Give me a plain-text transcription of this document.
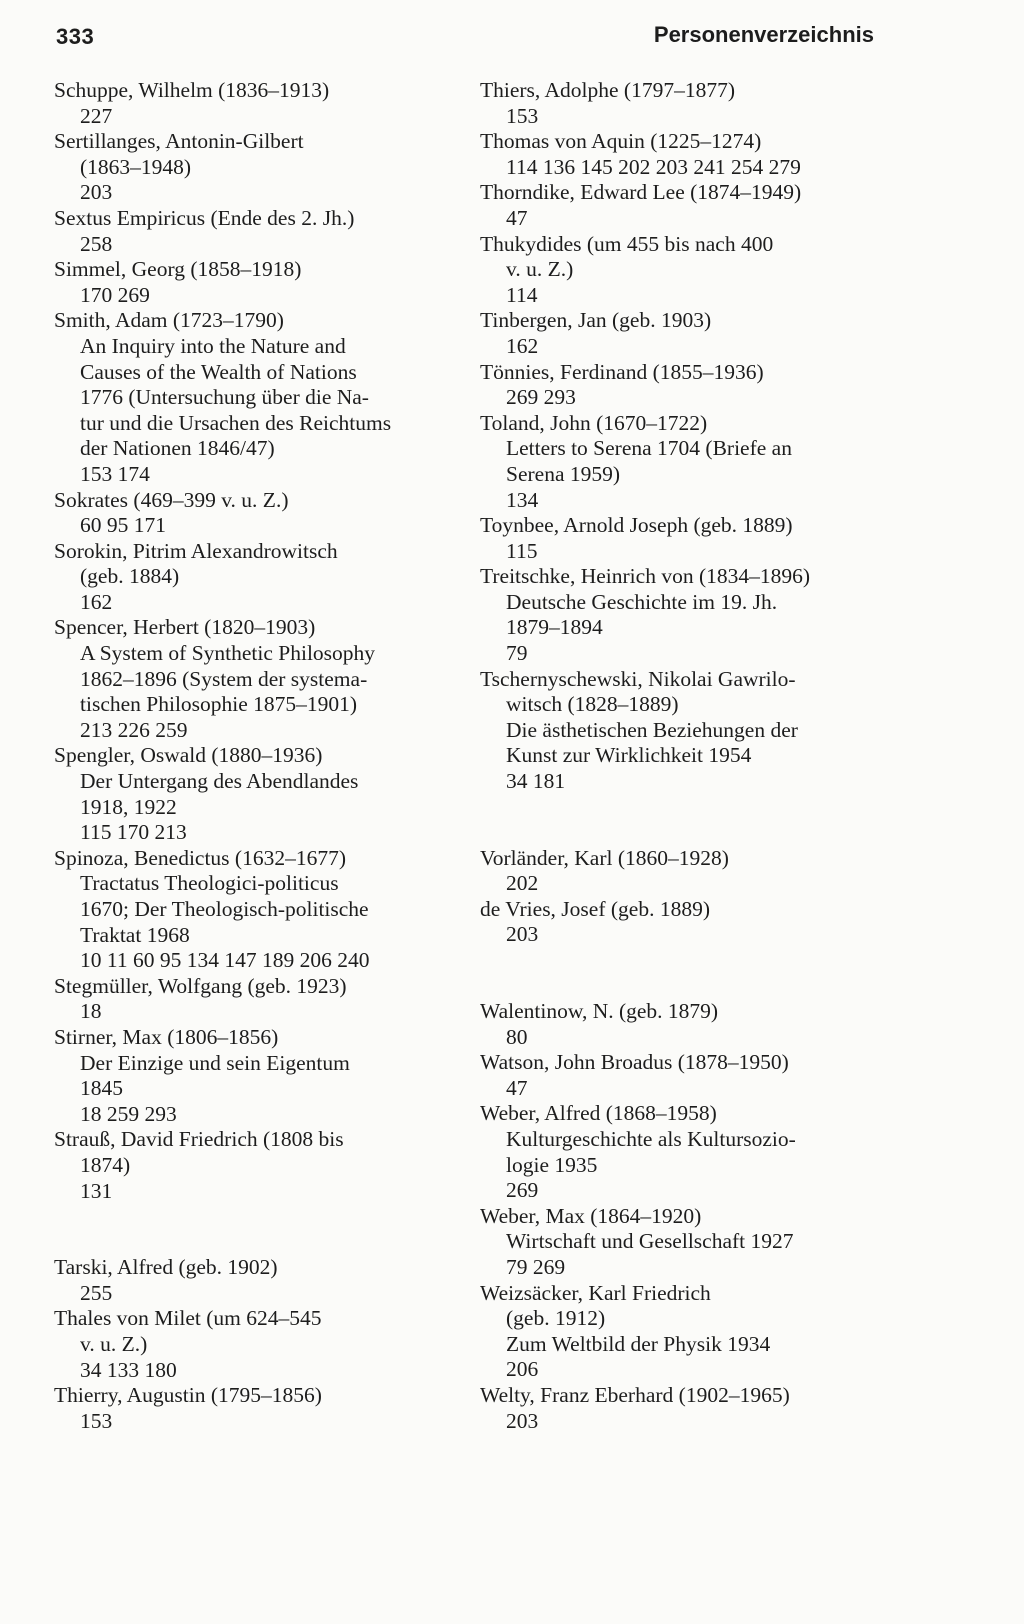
333	Personenverzeichnis
Schuppe, Wilhelm (1836–1913)
227
Sertillanges, Antonin-Gilbert
(1863–1948)
203
Sextus Empiricus (Ende des 2. Jh.)
258
Simmel, Georg (1858–1918)
170 269
Smith, Adam (1723–1790)
An Inquiry into the Nature and
Causes of the Wealth of Nations
1776 (Untersuchung über die Na-
tur und die Ursachen des Reichtums
der Nationen 1846/47)
153 174
Sokrates (469–399 v. u. Z.)
60 95 171
Sorokin, Pitrim Alexandrowitsch
(geb. 1884)
162
Spencer, Herbert (1820–1903)
A System of Synthetic Philosophy
1862–1896 (System der systema-
tischen Philosophie 1875–1901)
213 226 259
Spengler, Oswald (1880–1936)
Der Untergang des Abendlandes
1918, 1922
115 170 213
Spinoza, Benedictus (1632–1677)
Tractatus Theologici-politicus
1670; Der Theologisch-politische
Traktat 1968
10 11 60 95 134 147 189 206 240
Stegmüller, Wolfgang (geb. 1923)
18
Stirner, Max (1806–1856)
Der Einzige und sein Eigentum
1845
18 259 293
Strauß, David Friedrich (1808 bis
1874)
131
Tarski, Alfred (geb. 1902)
255
Thales von Milet (um 624–545
v. u. Z.)
34 133 180
Thierry, Augustin (1795–1856)
153
Thiers, Adolphe (1797–1877)
153
Thomas von Aquin (1225–1274)
114 136 145 202 203 241 254 279
Thorndike, Edward Lee (1874–1949)
47
Thukydides (um 455 bis nach 400
v. u. Z.)
114
Tinbergen, Jan (geb. 1903)
162
Tönnies, Ferdinand (1855–1936)
269 293
Toland, John (1670–1722)
Letters to Serena 1704 (Briefe an
Serena 1959)
134
Toynbee, Arnold Joseph (geb. 1889)
115
Treitschke, Heinrich von (1834–1896)
Deutsche Geschichte im 19. Jh.
1879–1894
79
Tschernyschewski, Nikolai Gawrilo-
witsch (1828–1889)
Die ästhetischen Beziehungen der
Kunst zur Wirklichkeit 1954
34 181
Vorländer, Karl (1860–1928)
202
de Vries, Josef (geb. 1889)
203
Walentinow, N. (geb. 1879)
80
Watson, John Broadus (1878–1950)
47
Weber, Alfred (1868–1958)
Kulturgeschichte als Kultursozio-
logie 1935
269
Weber, Max (1864–1920)
Wirtschaft und Gesellschaft 1927
79 269
Weizsäcker, Karl Friedrich
(geb. 1912)
Zum Weltbild der Physik 1934
206
Welty, Franz Eberhard (1902–1965)
203
